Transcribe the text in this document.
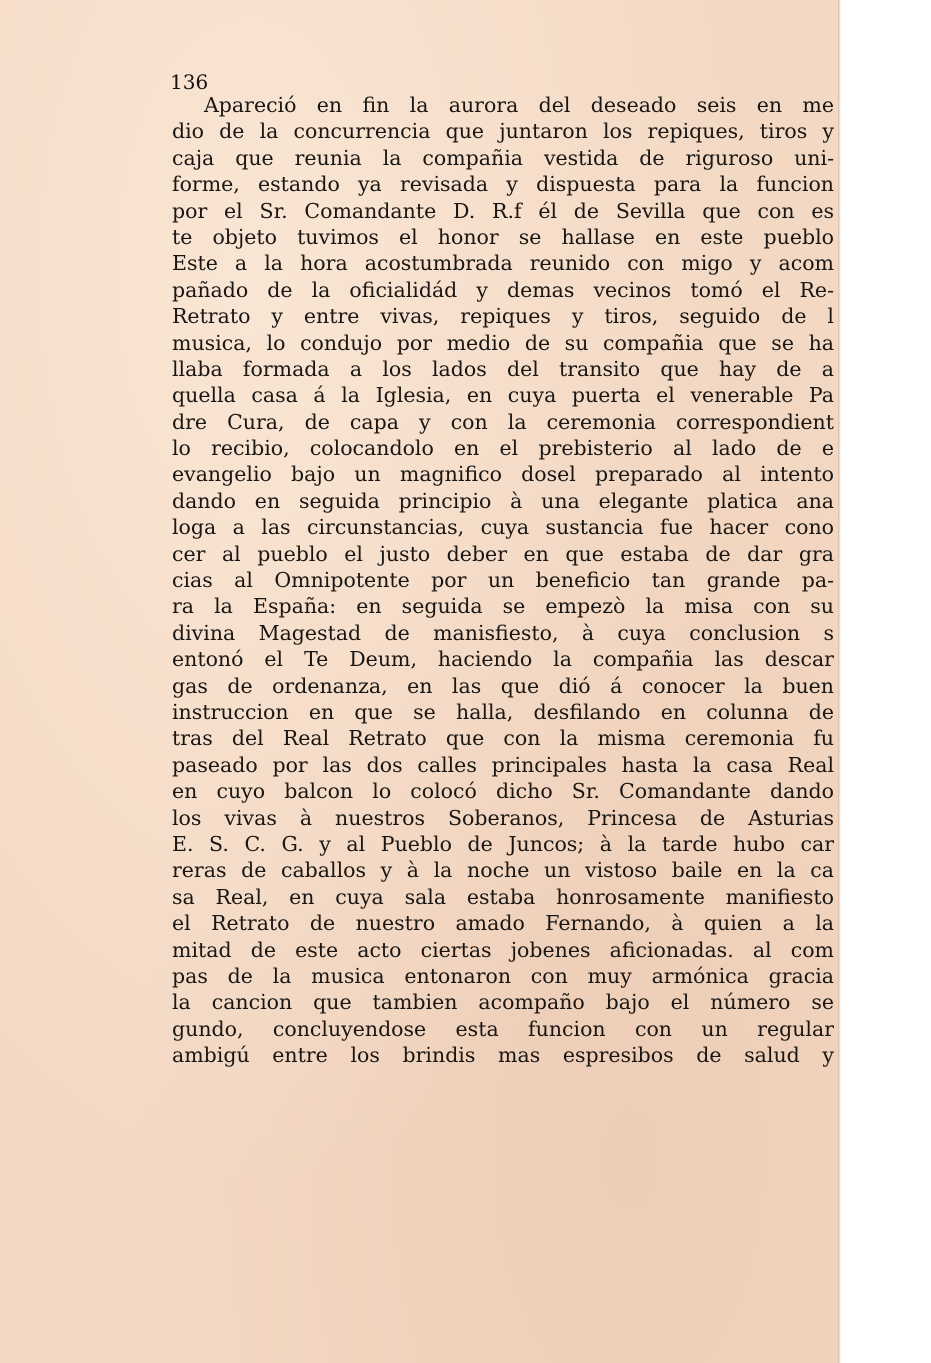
136
Apareció en fin la aurora del deseado seis en me
dio de la concurrencia que juntaron los repiques, tiros y
caja que reunia la compañia vestida de riguroso uni-
forme, estando ya revisada y dispuesta para la funcion
por el Sr. Comandante D. R.f él de Sevilla que con es
te objeto tuvimos el honor se hallase en este pueblo
Este a la hora acostumbrada reunido con migo y acom
pañado de la oficialidád y demas vecinos tomó el Re-
Retrato y entre vivas, repiques y tiros, seguido de l
musica, lo condujo por medio de su compañia que se ha
llaba formada a los lados del transito que hay de a
quella casa á la Iglesia, en cuya puerta el venerable Pa
dre Cura, de capa y con la ceremonia correspondient
lo recibio, colocandolo en el prebisterio al lado de e
evangelio bajo un magnifico dosel preparado al intento
dando en seguida principio à una elegante platica ana
loga a las circunstancias, cuya sustancia fue hacer cono
cer al pueblo el justo deber en que estaba de dar gra
cias al Omnipotente por un beneficio tan grande pa-
ra la España: en seguida se empezò la misa con su
divina Magestad de manisfiesto, à cuya conclusion s
entonó el Te Deum, haciendo la compañia las descar
gas de ordenanza, en las que dió á conocer la buen
instruccion en que se halla, desfilando en colunna de
tras del Real Retrato que con la misma ceremonia fu
paseado por las dos calles principales hasta la casa Real
en cuyo balcon lo colocó dicho Sr. Comandante dando
los vivas à nuestros Soberanos, Princesa de Asturias
E. S. C. G. y al Pueblo de Juncos; à la tarde hubo car
reras de caballos y à la noche un vistoso baile en la ca
sa Real, en cuya sala estaba honrosamente manifiesto
el Retrato de nuestro amado Fernando, à quien a la
mitad de este acto ciertas jobenes aficionadas. al com
pas de la musica entonaron con muy armónica gracia
la cancion que tambien acompaño bajo el número se
gundo, concluyendose esta funcion con un regular
ambigú entre los brindis mas espresibos de salud y
